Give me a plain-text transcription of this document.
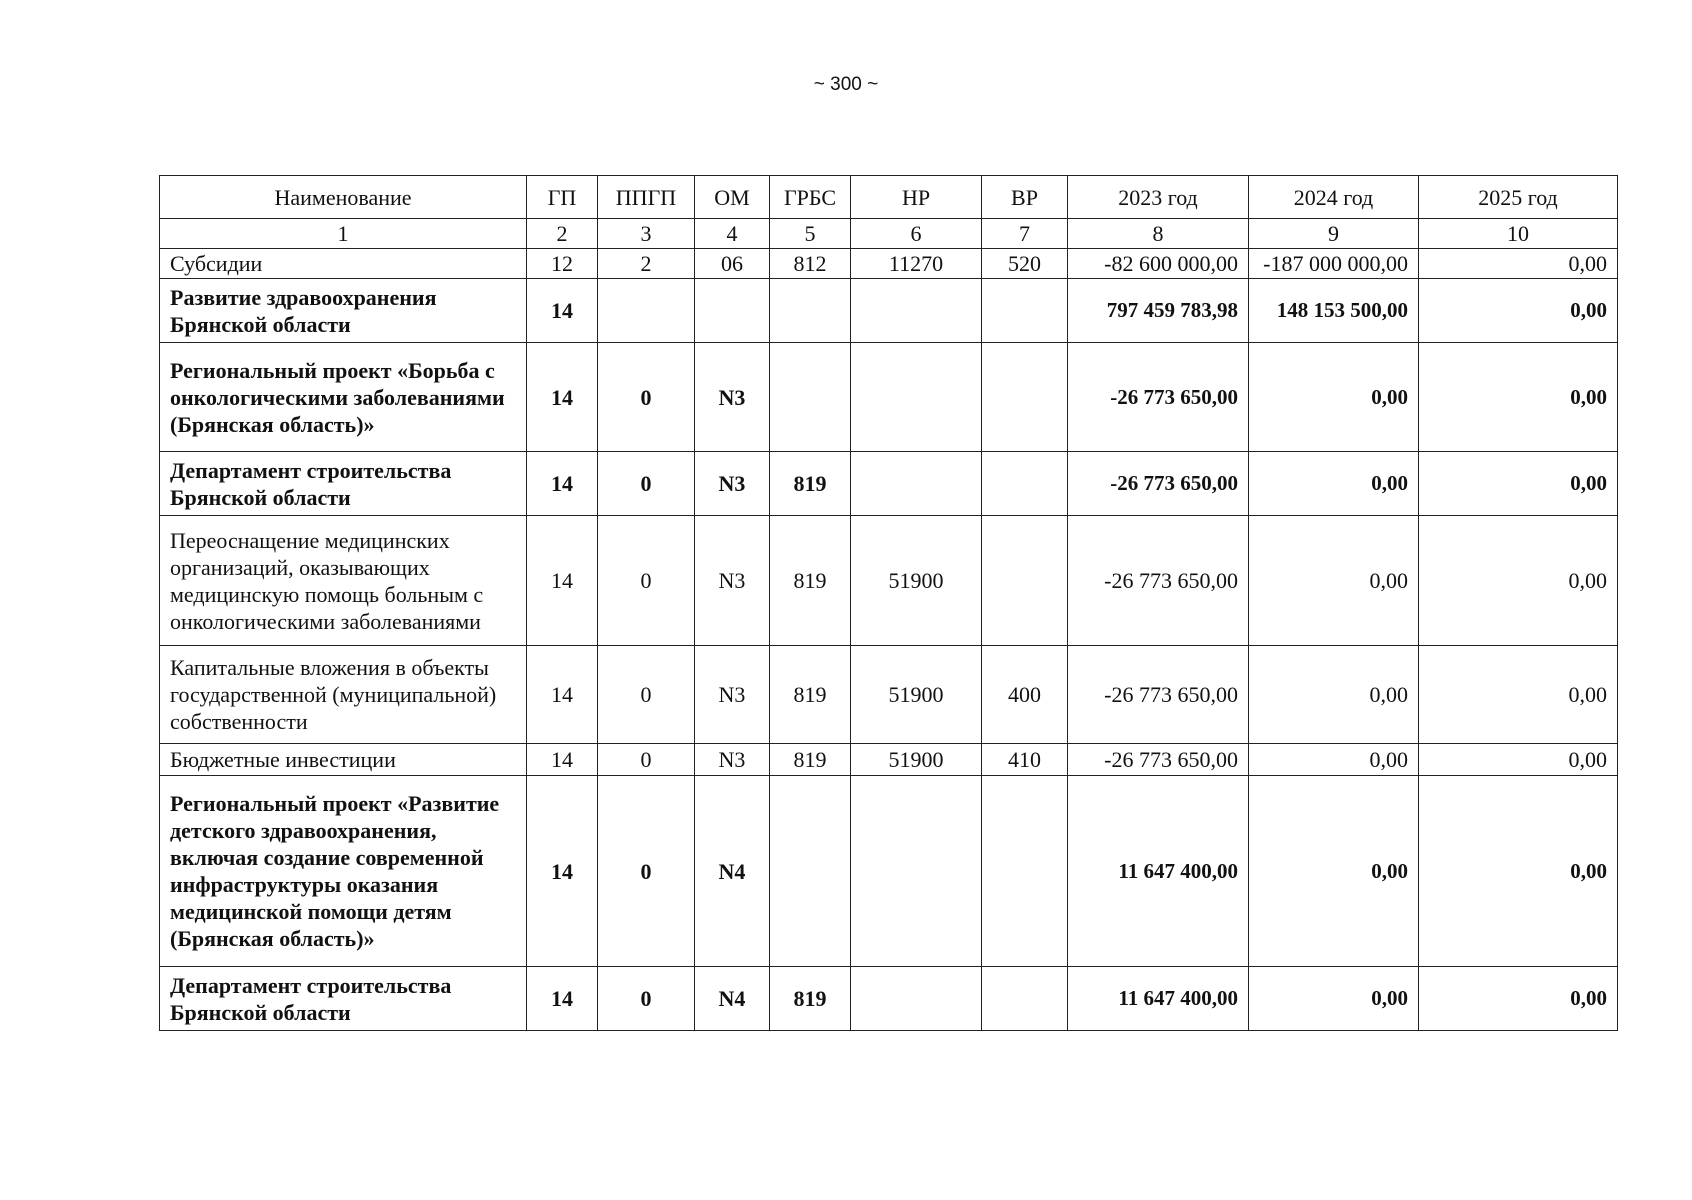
~ 300 ~
Наименование	ГП	ППГП	ОМ	ГРБС	НР	ВР	2023 год	2024 год	2025 год
1	2	3	4	5	6	7	8	9	10
Субсидии	12	2	06	812	11270	520	-82 600 000,00	-187 000 000,00	0,00
Развитие здравоохранения Брянской области	14						797 459 783,98	148 153 500,00	0,00
Региональный проект «Борьба с онкологическими заболеваниями (Брянская область)»	14	0	N3				-26 773 650,00	0,00	0,00
Департамент строительства Брянской области	14	0	N3	819			-26 773 650,00	0,00	0,00
Переоснащение медицинских организаций, оказывающих медицинскую помощь больным с онкологическими заболеваниями	14	0	N3	819	51900		-26 773 650,00	0,00	0,00
Капитальные вложения в объекты государственной (муниципальной) собственности	14	0	N3	819	51900	400	-26 773 650,00	0,00	0,00
Бюджетные инвестиции	14	0	N3	819	51900	410	-26 773 650,00	0,00	0,00
Региональный проект «Развитие детского здравоохранения, включая создание современной инфраструктуры оказания медицинской помощи детям (Брянская область)»	14	0	N4				11 647 400,00	0,00	0,00
Департамент строительства Брянской области	14	0	N4	819			11 647 400,00	0,00	0,00
